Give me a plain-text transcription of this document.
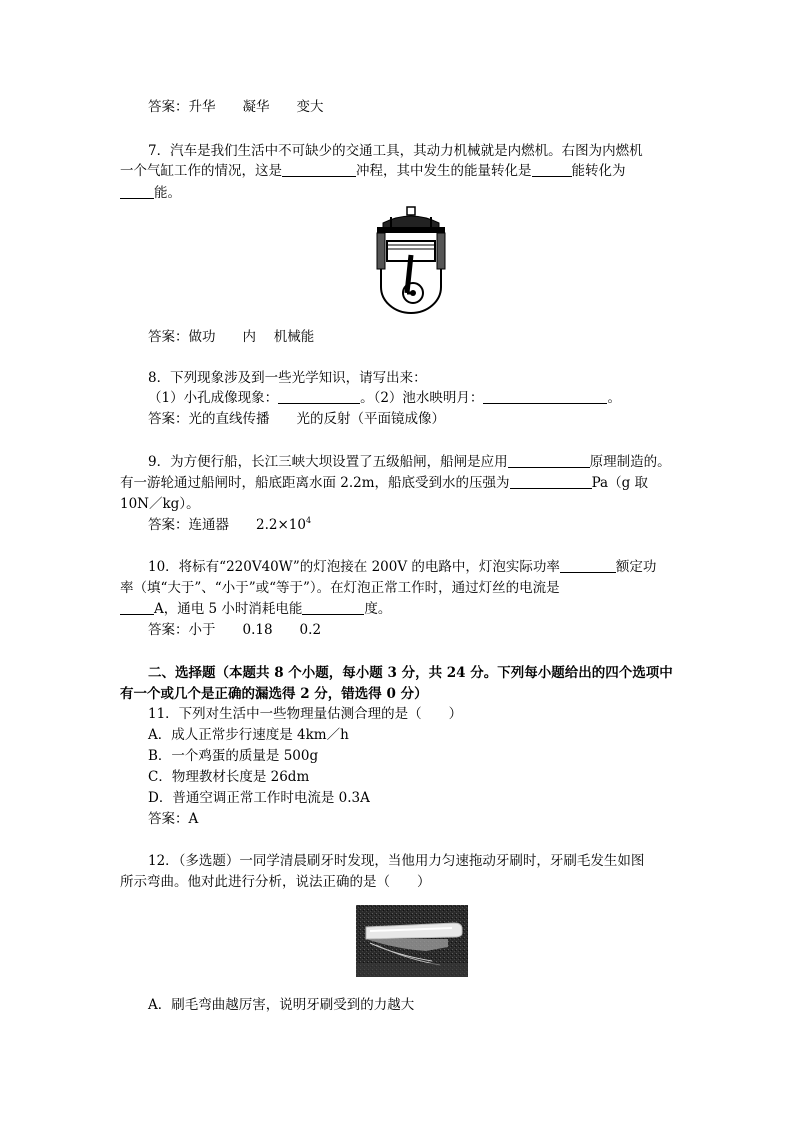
答案：升华　　凝华　　变大
7．汽车是我们生活中不可缺少的交通工具，其动力机械就是内燃机。右图为内燃机
一个气缸工作的情况，这是	冲程，其中发生的能量转化是	能转化为
能。
答案：做功　　内　 机械能
8．下列现象涉及到一些光学知识，请写出来：
（1）小孔成像现象：	。（2）池水映明月：	。
答案：光的直线传播　　光的反射（平面镜成像）
9．为方便行船，长江三峡大坝设置了五级船闸，船闸是应用	原理制造的。
有一游轮通过船闸时，船底距离水面 2.2m，船底受到水的压强为	Pa（g 取
10N／kg）。
答案：连通器　　$2.2\times 10^4$
10．将标有“220V40W”的灯泡接在 200V 的电路中，灯泡实际功率	额定功
率（填“大于”、“小于”或“等于”）。在灯泡正常工作时，通过灯丝的电流是
A，通电 5 小时消耗电能	度。
答案：小于　　0.18　　0.2
二、选择题（本题共 8 个小题，每小题 3 分，共 24 分。下列每小题给出的四个选项中
有一个或几个是正确的漏选得 2 分，错选得 0 分）
11．下列对生活中一些物理量估测合理的是（　　）
A．成人正常步行速度是 4km／h
B．一个鸡蛋的质量是 500g
C．物理教材长度是 26dm
D．普通空调正常工作时电流是 0.3A
答案：A
12．（多选题）一同学清晨刷牙时发现，当他用力匀速拖动牙刷时，牙刷毛发生如图
所示弯曲。他对此进行分析，说法正确的是（　　）
A．刷毛弯曲越厉害，说明牙刷受到的力越大
